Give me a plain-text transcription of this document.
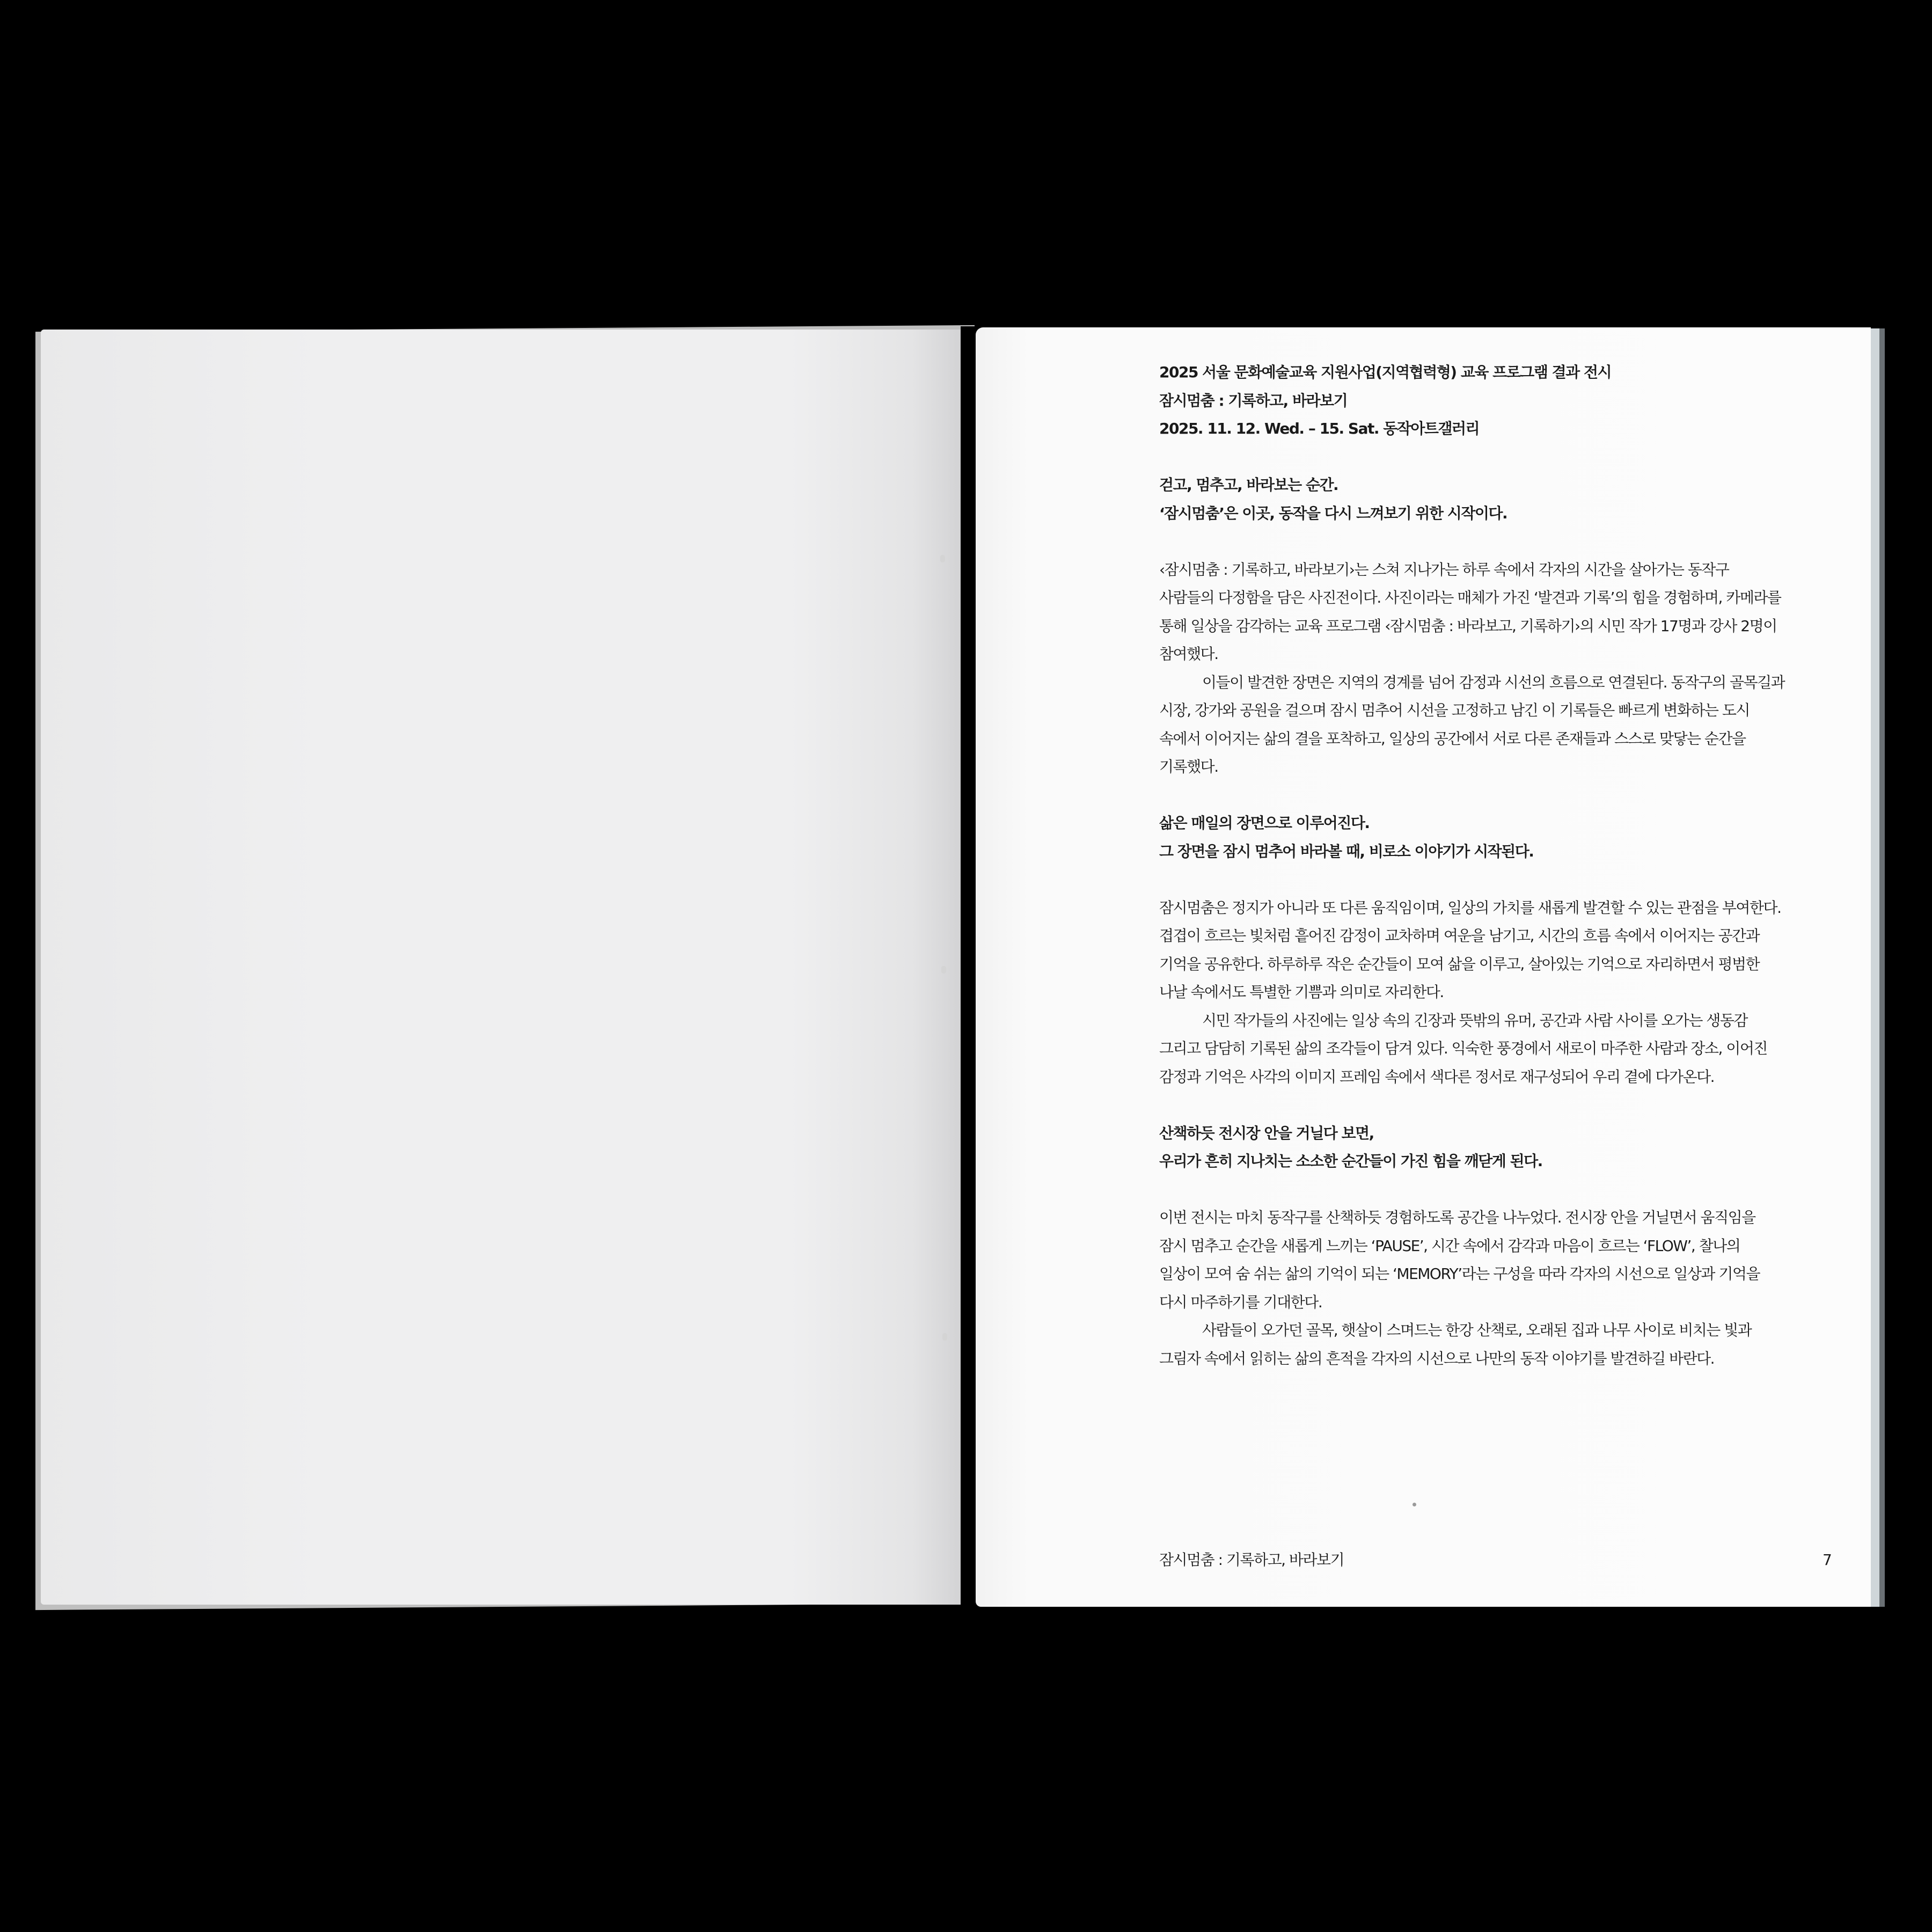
2025 서울 문화예술교육 지원사업(지역협력형) 교육 프로그램 결과 전시
잠시멈춤 : 기록하고, 바라보기
2025. 11. 12. Wed. – 15. Sat. 동작아트갤러리
걷고, 멈추고, 바라보는 순간.
‘잠시멈춤’은 이곳, 동작을 다시 느껴보기 위한 시작이다.
‹잠시멈춤 : 기록하고, 바라보기›는 스쳐 지나가는 하루 속에서 각자의 시간을 살아가는 동작구
사람들의 다정함을 담은 사진전이다. 사진이라는 매체가 가진 ‘발견과 기록’의 힘을 경험하며, 카메라를
통해 일상을 감각하는 교육 프로그램 ‹잠시멈춤 : 바라보고, 기록하기›의 시민 작가 17명과 강사 2명이
참여했다.
이들이 발견한 장면은 지역의 경계를 넘어 감정과 시선의 흐름으로 연결된다. 동작구의 골목길과
시장, 강가와 공원을 걸으며 잠시 멈추어 시선을 고정하고 남긴 이 기록들은 빠르게 변화하는 도시
속에서 이어지는 삶의 결을 포착하고, 일상의 공간에서 서로 다른 존재들과 스스로 맞닿는 순간을
기록했다.
삶은 매일의 장면으로 이루어진다.
그 장면을 잠시 멈추어 바라볼 때, 비로소 이야기가 시작된다.
잠시멈춤은 정지가 아니라 또 다른 움직임이며, 일상의 가치를 새롭게 발견할 수 있는 관점을 부여한다.
겹겹이 흐르는 빛처럼 흩어진 감정이 교차하며 여운을 남기고, 시간의 흐름 속에서 이어지는 공간과
기억을 공유한다. 하루하루 작은 순간들이 모여 삶을 이루고, 살아있는 기억으로 자리하면서 평범한
나날 속에서도 특별한 기쁨과 의미로 자리한다.
시민 작가들의 사진에는 일상 속의 긴장과 뜻밖의 유머, 공간과 사람 사이를 오가는 생동감
그리고 담담히 기록된 삶의 조각들이 담겨 있다. 익숙한 풍경에서 새로이 마주한 사람과 장소, 이어진
감정과 기억은 사각의 이미지 프레임 속에서 색다른 정서로 재구성되어 우리 곁에 다가온다.
산책하듯 전시장 안을 거닐다 보면,
우리가 흔히 지나치는 소소한 순간들이 가진 힘을 깨닫게 된다.
이번 전시는 마치 동작구를 산책하듯 경험하도록 공간을 나누었다. 전시장 안을 거닐면서 움직임을
잠시 멈추고 순간을 새롭게 느끼는 ‘PAUSE’, 시간 속에서 감각과 마음이 흐르는 ‘FLOW’, 찰나의
일상이 모여 숨 쉬는 삶의 기억이 되는 ‘MEMORY’라는 구성을 따라 각자의 시선으로 일상과 기억을
다시 마주하기를 기대한다.
사람들이 오가던 골목, 햇살이 스며드는 한강 산책로, 오래된 집과 나무 사이로 비치는 빛과
그림자 속에서 읽히는 삶의 흔적을 각자의 시선으로 나만의 동작 이야기를 발견하길 바란다.
잠시멈춤 : 기록하고, 바라보기	7
